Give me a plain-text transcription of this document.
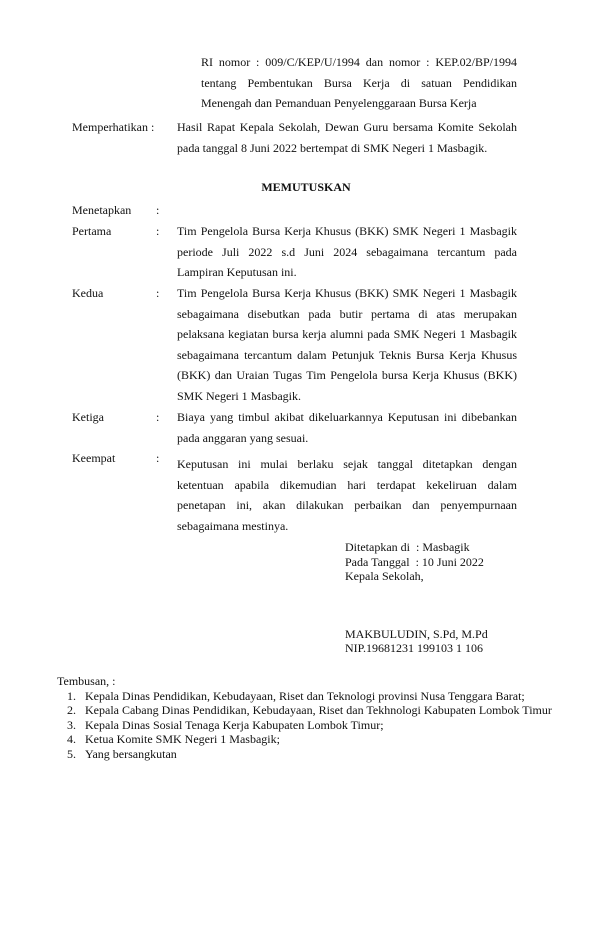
RI nomor : 009/C/KEP/U/1994 dan nomor : KEP.02/BP/1994
tentang Pembentukan Bursa Kerja di satuan Pendidikan
Menengah dan Pemanduan Penyelenggaraan Bursa Kerja
Memperhatikan : Hasil Rapat Kepala Sekolah, Dewan Guru bersama Komite Sekolah
pada tanggal 8 Juni 2022 bertempat di SMK Negeri 1 Masbagik.
MEMUTUSKAN
Menetapkan :
Pertama	: Tim Pengelola Bursa Kerja Khusus (BKK) SMK Negeri 1 Masbagik
periode Juli 2022 s.d Juni 2024 sebagaimana tercantum pada
Lampiran Keputusan ini.
Kedua	: Tim Pengelola Bursa Kerja Khusus (BKK) SMK Negeri 1 Masbagik
sebagaimana disebutkan pada butir pertama di atas merupakan
pelaksana kegiatan bursa kerja alumni pada SMK Negeri 1 Masbagik
sebagaimana tercantum dalam Petunjuk Teknis Bursa Kerja Khusus
(BKK) dan Uraian Tugas Tim Pengelola bursa Kerja Khusus (BKK)
SMK Negeri 1 Masbagik.
Ketiga	: Biaya yang timbul akibat dikeluarkannya Keputusan ini dibebankan
pada anggaran yang sesuai.
Keempat	: Keputusan ini mulai berlaku sejak tanggal ditetapkan dengan
ketentuan apabila dikemudian hari terdapat kekeliruan dalam
penetapan ini, akan dilakukan perbaikan dan penyempurnaan
sebagaimana mestinya.
Ditetapkan di  : Masbagik
Pada Tanggal  : 10 Juni 2022
Kepala Sekolah,
MAKBULUDIN, S.Pd, M.Pd
NIP.19681231 199103 1 106
Tembusan, :
1. Kepala Dinas Pendidikan, Kebudayaan, Riset dan Teknologi provinsi Nusa Tenggara Barat;
2. Kepala Cabang Dinas Pendidikan, Kebudayaan, Riset dan Tekhnologi Kabupaten Lombok Timur
3. Kepala Dinas Sosial Tenaga Kerja Kabupaten Lombok Timur;
4. Ketua Komite SMK Negeri 1 Masbagik;
5. Yang bersangkutan
